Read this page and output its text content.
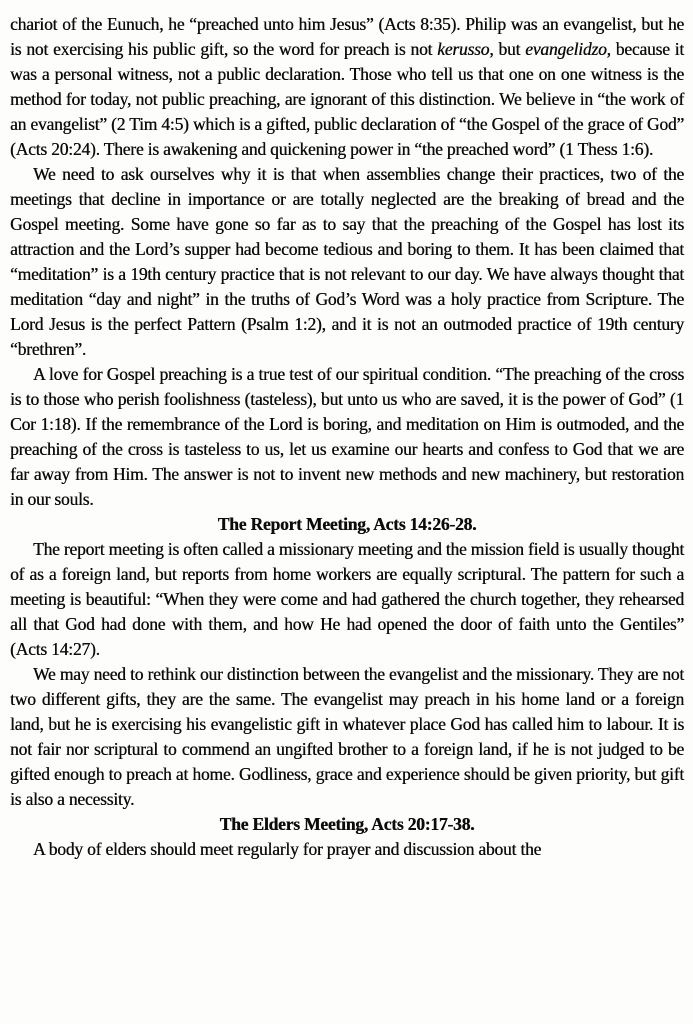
chariot of the Eunuch, he “preached unto him Jesus” (Acts 8:35). Philip was an evangelist, but he is not exercising his public gift, so the word for preach is not kerusso, but evangelidzo, because it was a personal witness, not a public declaration. Those who tell us that one on one witness is the method for today, not public preaching, are ignorant of this distinction. We believe in “the work of an evangelist” (2 Tim 4:5) which is a gifted, public declaration of “the Gospel of the grace of God” (Acts 20:24). There is awakening and quickening power in “the preached word” (1 Thess 1:6).

We need to ask ourselves why it is that when assemblies change their practices, two of the meetings that decline in importance or are totally neglected are the breaking of bread and the Gospel meeting. Some have gone so far as to say that the preaching of the Gospel has lost its attraction and the Lord’s supper had become tedious and boring to them. It has been claimed that “meditation” is a 19th century practice that is not relevant to our day. We have always thought that meditation “day and night” in the truths of God’s Word was a holy practice from Scripture. The Lord Jesus is the perfect Pattern (Psalm 1:2), and it is not an outmoded practice of 19th century “brethren”.

A love for Gospel preaching is a true test of our spiritual condition. “The preaching of the cross is to those who perish foolishness (tasteless), but unto us who are saved, it is the power of God” (1 Cor 1:18). If the remembrance of the Lord is boring, and meditation on Him is outmoded, and the preaching of the cross is tasteless to us, let us examine our hearts and confess to God that we are far away from Him. The answer is not to invent new methods and new machinery, but restoration in our souls.

The Report Meeting, Acts 14:26-28.

The report meeting is often called a missionary meeting and the mission field is usually thought of as a foreign land, but reports from home workers are equally scriptural. The pattern for such a meeting is beautiful: “When they were come and had gathered the church together, they rehearsed all that God had done with them, and how He had opened the door of faith unto the Gentiles” (Acts 14:27).

We may need to rethink our distinction between the evangelist and the missionary. They are not two different gifts, they are the same. The evangelist may preach in his home land or a foreign land, but he is exercising his evangelistic gift in whatever place God has called him to labour. It is not fair nor scriptural to commend an ungifted brother to a foreign land, if he is not judged to be gifted enough to preach at home. Godliness, grace and experience should be given priority, but gift is also a necessity.

The Elders Meeting, Acts 20:17-38.

A body of elders should meet regularly for prayer and discussion about the
